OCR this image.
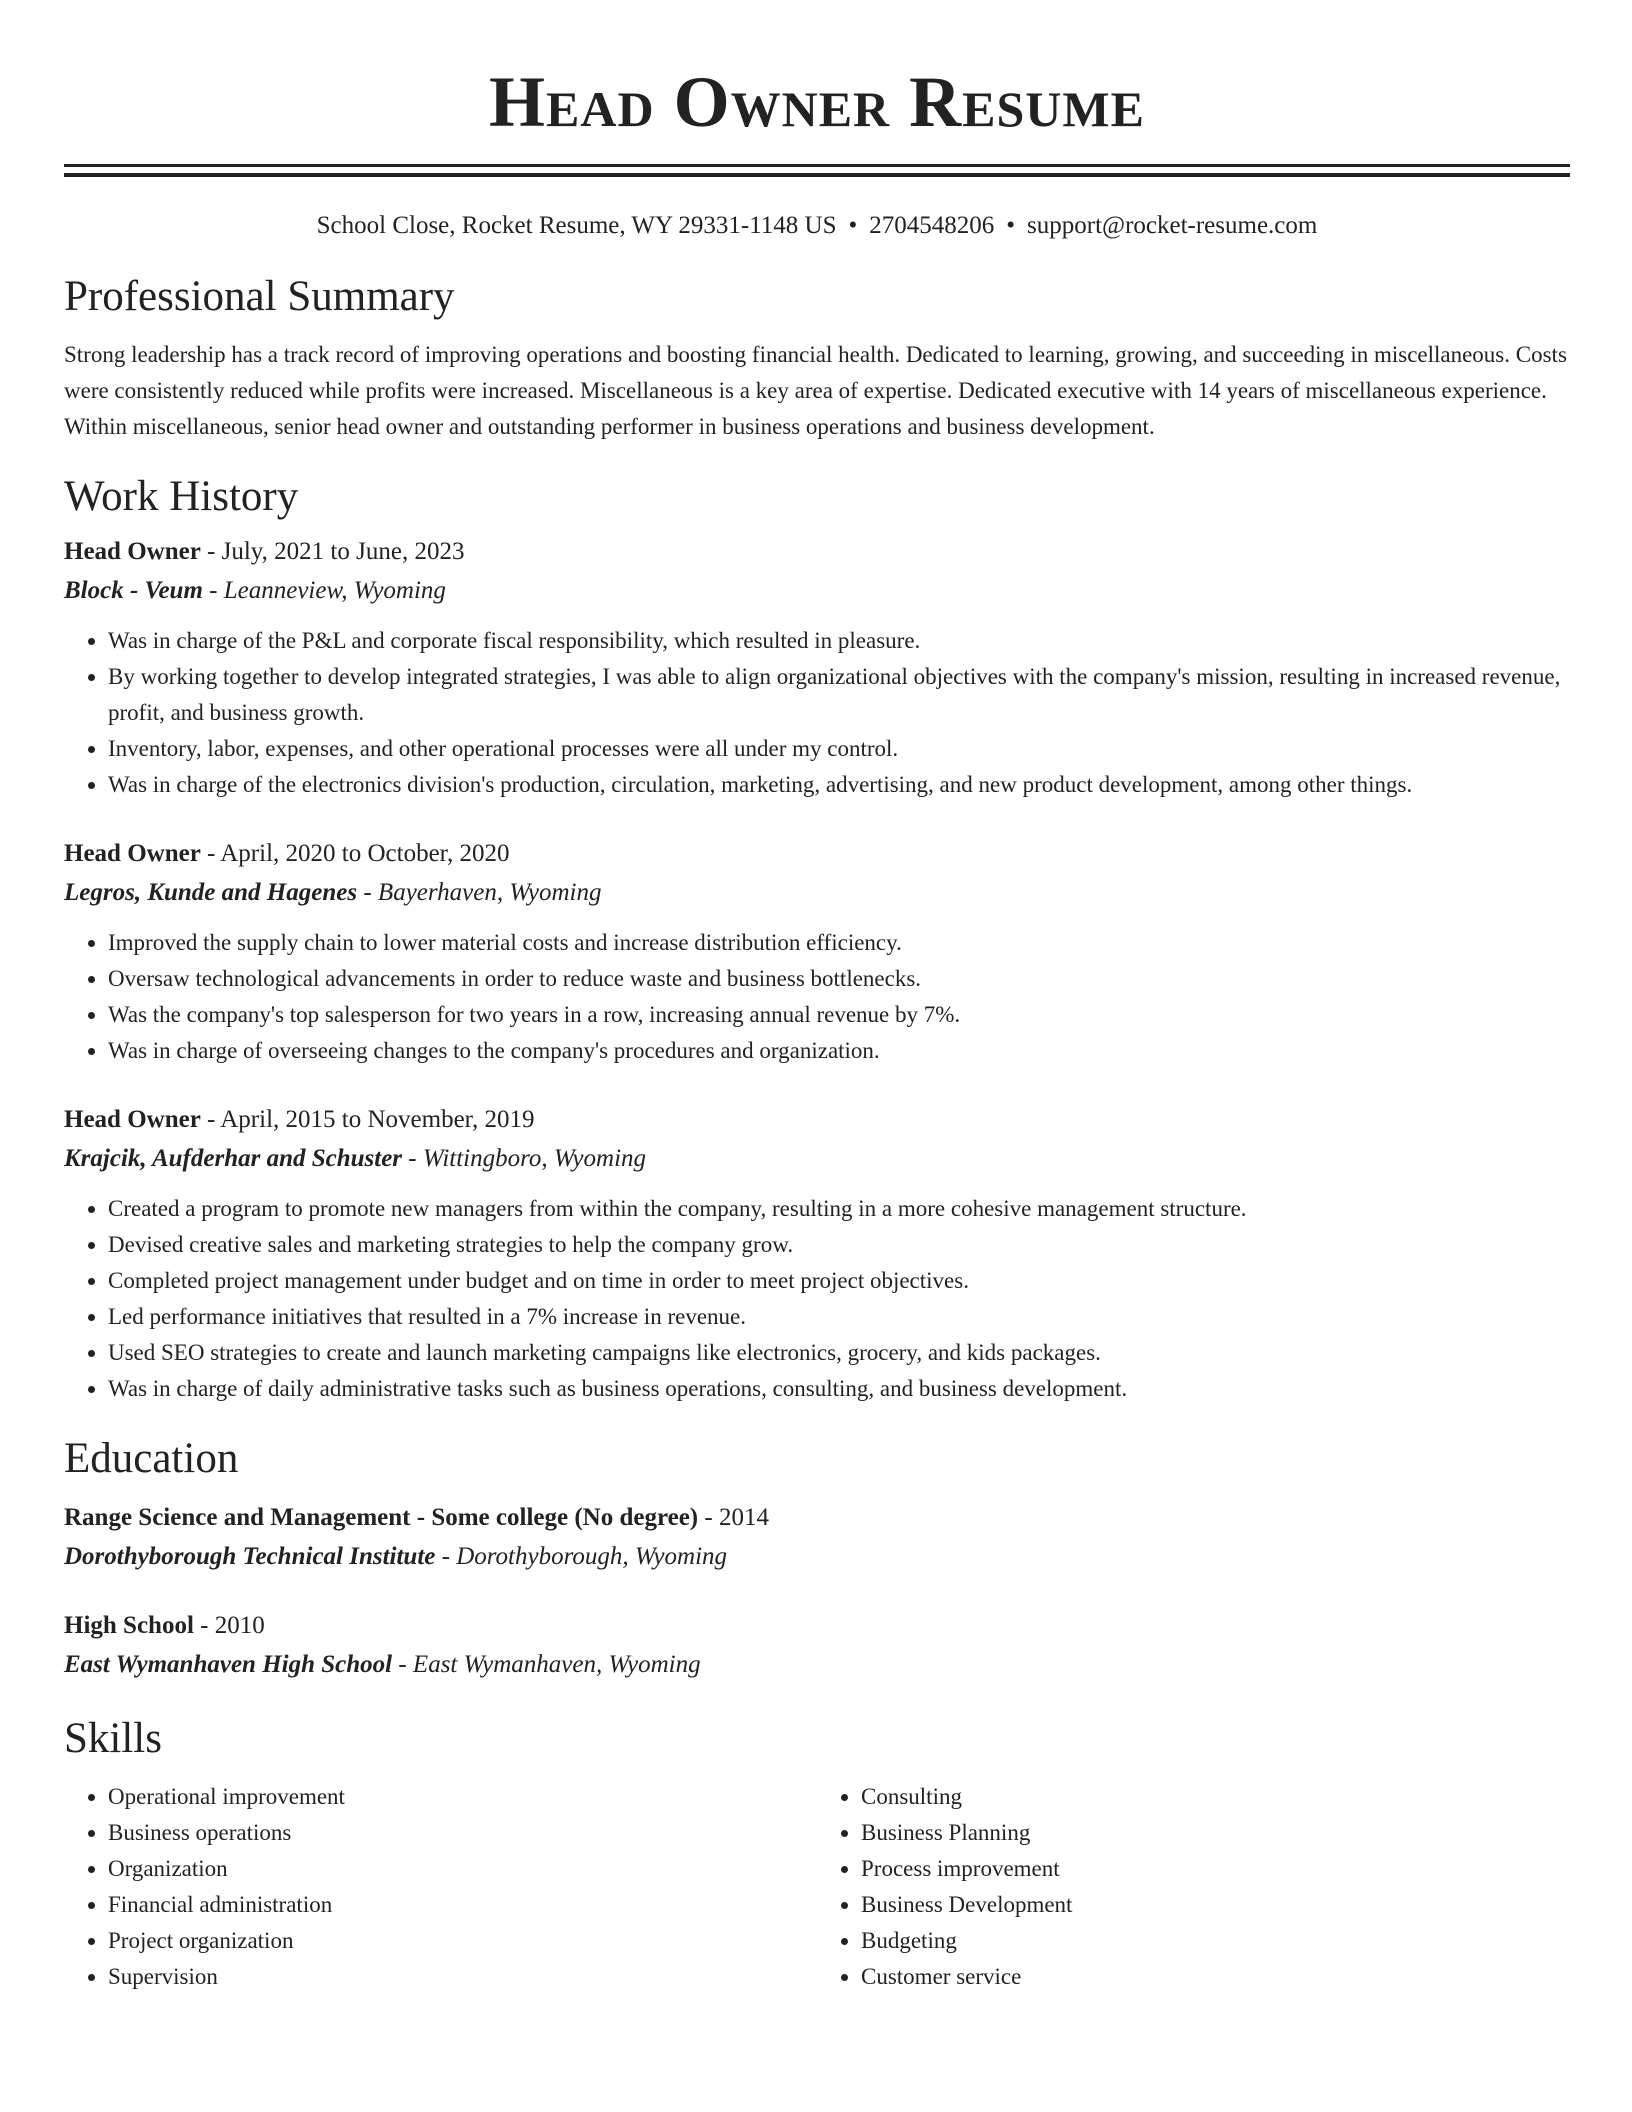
Head Owner Resume
School Close, Rocket Resume, WY 29331-1148 US • 2704548206 • support@rocket-resume.com
Professional Summary
Strong leadership has a track record of improving operations and boosting financial health. Dedicated to learning, growing, and succeeding in miscellaneous. Costs were consistently reduced while profits were increased. Miscellaneous is a key area of expertise. Dedicated executive with 14 years of miscellaneous experience. Within miscellaneous, senior head owner and outstanding performer in business operations and business development.
Work History
Head Owner - July, 2021 to June, 2023
Block - Veum - Leanneview, Wyoming
• Was in charge of the P&L and corporate fiscal responsibility, which resulted in pleasure.
• By working together to develop integrated strategies, I was able to align organizational objectives with the company's mission, resulting in increased revenue, profit, and business growth.
• Inventory, labor, expenses, and other operational processes were all under my control.
• Was in charge of the electronics division's production, circulation, marketing, advertising, and new product development, among other things.
Head Owner - April, 2020 to October, 2020
Legros, Kunde and Hagenes - Bayerhaven, Wyoming
• Improved the supply chain to lower material costs and increase distribution efficiency.
• Oversaw technological advancements in order to reduce waste and business bottlenecks.
• Was the company's top salesperson for two years in a row, increasing annual revenue by 7%.
• Was in charge of overseeing changes to the company's procedures and organization.
Head Owner - April, 2015 to November, 2019
Krajcik, Aufderhar and Schuster - Wittingboro, Wyoming
• Created a program to promote new managers from within the company, resulting in a more cohesive management structure.
• Devised creative sales and marketing strategies to help the company grow.
• Completed project management under budget and on time in order to meet project objectives.
• Led performance initiatives that resulted in a 7% increase in revenue.
• Used SEO strategies to create and launch marketing campaigns like electronics, grocery, and kids packages.
• Was in charge of daily administrative tasks such as business operations, consulting, and business development.
Education
Range Science and Management - Some college (No degree) - 2014
Dorothyborough Technical Institute - Dorothyborough, Wyoming
High School - 2010
East Wymanhaven High School - East Wymanhaven, Wyoming
Skills
• Operational improvement
• Business operations
• Organization
• Financial administration
• Project organization
• Supervision
• Consulting
• Business Planning
• Process improvement
• Business Development
• Budgeting
• Customer service
